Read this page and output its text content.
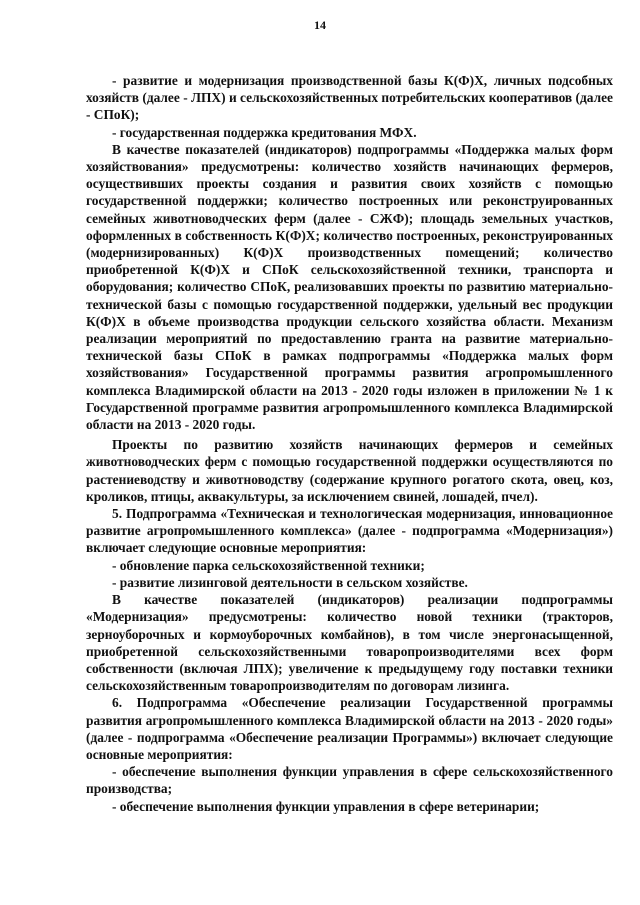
14

- развитие и модернизация производственной базы К(Ф)Х, личных подсобных хозяйств (далее - ЛПХ) и сельскохозяйственных потребительских кооперативов (далее - СПоК);

- государственная поддержка кредитования МФХ.

В качестве показателей (индикаторов) подпрограммы «Поддержка малых форм хозяйствования» предусмотрены: количество хозяйств начинающих фермеров, осуществивших проекты создания и развития своих хозяйств с помощью государственной поддержки; количество построенных или реконструированных семейных животноводческих ферм (далее - СЖФ); площадь земельных участков, оформленных в собственность К(Ф)Х; количество построенных, реконструированных (модернизированных) К(Ф)Х производственных помещений; количество приобретенной К(Ф)Х и СПоК сельскохозяйственной техники, транспорта и оборудования; количество СПоК, реализовавших проекты по развитию материально-технической базы с помощью государственной поддержки, удельный вес продукции К(Ф)Х в объеме производства продукции сельского хозяйства области. Механизм реализации мероприятий по предоставлению гранта на развитие материально-технической базы СПоК в рамках подпрограммы «Поддержка малых форм хозяйствования» Государственной программы развития агропромышленного комплекса Владимирской области на 2013 - 2020 годы изложен в приложении № 1 к Государственной программе развития агропромышленного комплекса Владимирской области на 2013 - 2020 годы.

Проекты по развитию хозяйств начинающих фермеров и семейных животноводческих ферм с помощью государственной поддержки осуществляются по растениеводству и животноводству (содержание крупного рогатого скота, овец, коз, кроликов, птицы, аквакультуры, за исключением свиней, лошадей, пчел).

5. Подпрограмма «Техническая и технологическая модернизация, инновационное развитие агропромышленного комплекса» (далее - подпрограмма «Модернизация») включает следующие основные мероприятия:

- обновление парка сельскохозяйственной техники;

- развитие лизинговой деятельности в сельском хозяйстве.

В качестве показателей (индикаторов) реализации подпрограммы «Модернизация» предусмотрены: количество новой техники (тракторов, зерноуборочных и кормоуборочных комбайнов), в том числе энергонасыщенной, приобретенной сельскохозяйственными товаропроизводителями всех форм собственности (включая ЛПХ); увеличение к предыдущему году поставки техники сельскохозяйственным товаропроизводителям по договорам лизинга.

6. Подпрограмма «Обеспечение реализации Государственной программы развития агропромышленного комплекса Владимирской области на 2013 - 2020 годы» (далее - подпрограмма «Обеспечение реализации Программы») включает следующие основные мероприятия:

- обеспечение выполнения функции управления в сфере сельскохозяйственного производства;

- обеспечение выполнения функции управления в сфере ветеринарии;
